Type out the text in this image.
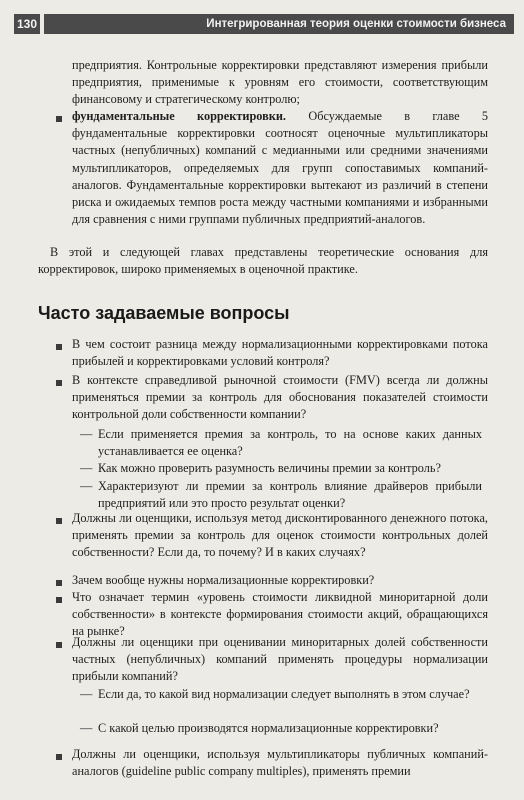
130	Интегрированная теория оценки стоимости бизнеса

предприятия. Контрольные корректировки представляют измерения прибыли предприятия, применимые к уровням его стоимости, соответствующим финансовому и стратегическому контролю;

фундаментальные корректировки. Обсуждаемые в главе 5 фундаментальные корректировки соотносят оценочные мультипликаторы частных (непубличных) компаний с медианными или средними значениями мультипликаторов, определяемых для групп сопоставимых компаний-аналогов. Фундаментальные корректировки вытекают из различий в степени риска и ожидаемых темпов роста между частными компаниями и избранными для сравнения с ними группами публичных предприятий-аналогов.

В этой и следующей главах представлены теоретические основания для корректировок, широко применяемых в оценочной практике.

Часто задаваемые вопросы

В чем состоит разница между нормализационными корректировками потока прибылей и корректировками условий контроля?

В контексте справедливой рыночной стоимости (FMV) всегда ли должны применяться премии за контроль для обоснования показателей стоимости контрольной доли собственности компании?

— Если применяется премия за контроль, то на основе каких данных устанавливается ее оценка?

— Как можно проверить разумность величины премии за контроль?

— Характеризуют ли премии за контроль влияние драйверов прибыли предприятий или это просто результат оценки?

Должны ли оценщики, используя метод дисконтированного денежного потока, применять премии за контроль для оценок стоимости контрольных долей собственности? Если да, то почему? И в каких случаях?

Зачем вообще нужны нормализационные корректировки?

Что означает термин «уровень стоимости ликвидной миноритарной доли собственности» в контексте формирования стоимости акций, обращающихся на рынке?

Должны ли оценщики при оценивании миноритарных долей собственности частных (непубличных) компаний применять процедуры нормализации прибыли компаний?

— Если да, то какой вид нормализации следует выполнять в этом случае?

— С какой целью производятся нормализационные корректировки?

Должны ли оценщики, используя мультипликаторы публичных компаний-аналогов (guideline public company multiples), применять премии
